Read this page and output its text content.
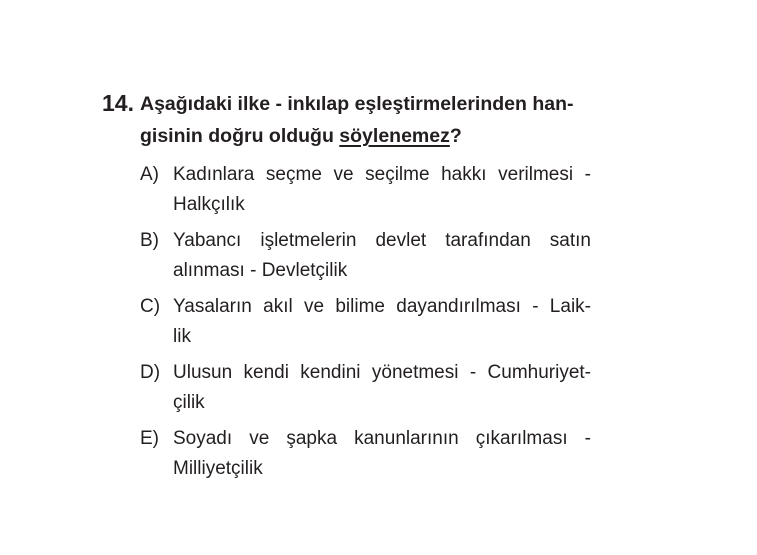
14. Aşağıdaki ilke - inkılap eşleştirmelerinden han-
gisinin doğru olduğu söylenemez?
A) Kadınlara seçme ve seçilme hakkı verilmesi -
Halkçılık
B) Yabancı işletmelerin devlet tarafından satın
alınması - Devletçilik
C) Yasaların akıl ve bilime dayandırılması - Laik-
lik
D) Ulusun kendi kendini yönetmesi - Cumhuriyet-
çilik
E) Soyadı ve şapka kanunlarının çıkarılması -
Milliyetçilik
